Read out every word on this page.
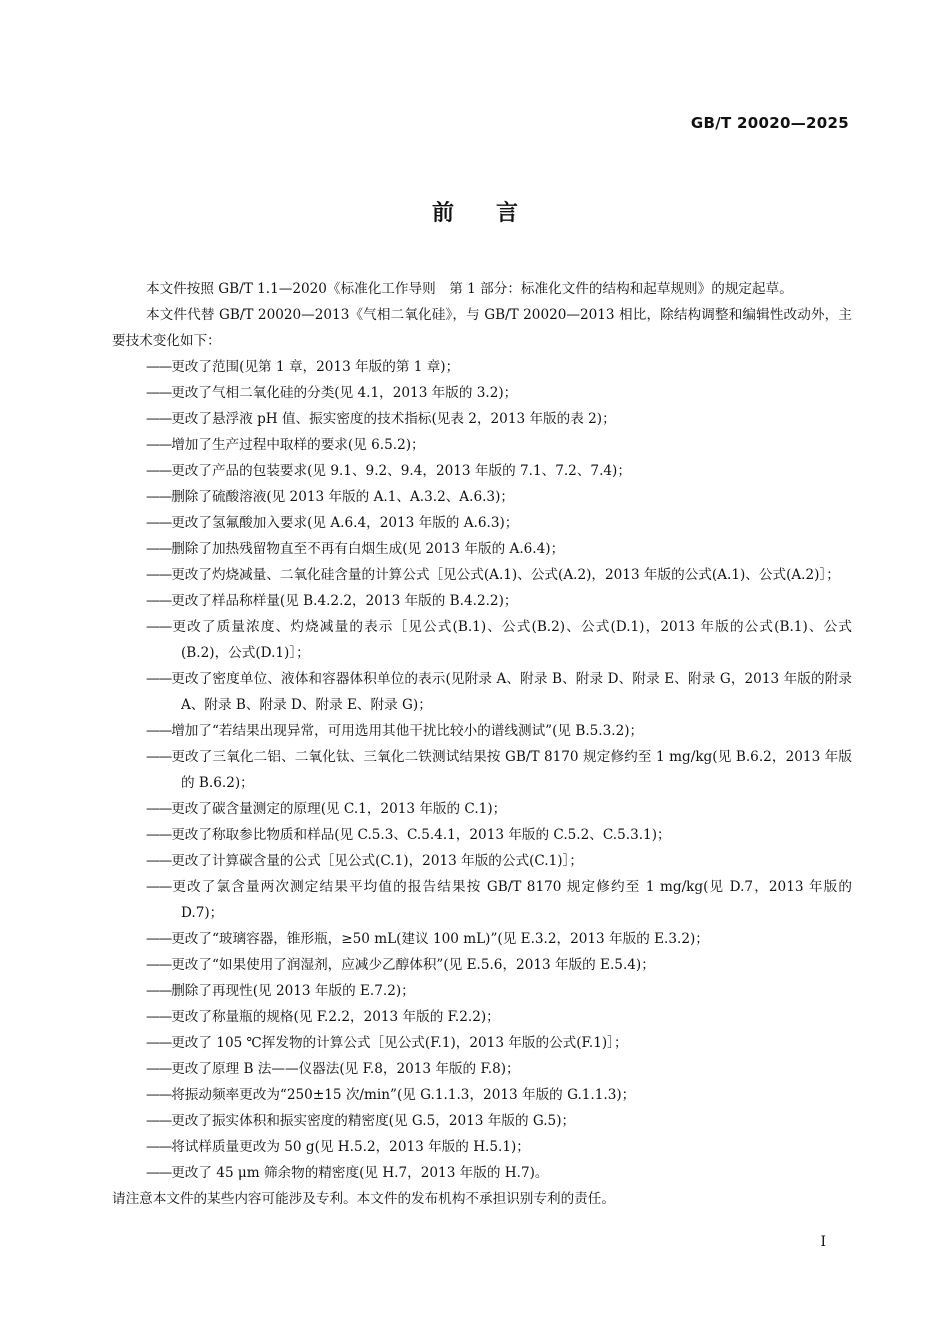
GB/T 20020—2025
前言

本文件按照 GB/T 1.1—2020《标准化工作导则　第 1 部分：标准化文件的结构和起草规则》的规定起草。

本文件代替 GB/T 20020—2013《气相二氧化硅》，与 GB/T 20020—2013 相比，除结构调整和编辑性改动外，主要技术变化如下：

——更改了范围(见第 1 章，2013 年版的第 1 章)；
——更改了气相二氧化硅的分类(见 4.1，2013 年版的 3.2)；
——更改了悬浮液 pH 值、振实密度的技术指标(见表 2，2013 年版的表 2)；
——增加了生产过程中取样的要求(见 6.5.2)；
——更改了产品的包装要求(见 9.1、9.2、9.4，2013 年版的 7.1、7.2、7.4)；
——删除了硫酸溶液(见 2013 年版的 A.1、A.3.2、A.6.3)；
——更改了氢氟酸加入要求(见 A.6.4，2013 年版的 A.6.3)；
——删除了加热残留物直至不再有白烟生成(见 2013 年版的 A.6.4)；
——更改了灼烧减量、二氧化硅含量的计算公式［见公式(A.1)、公式(A.2)，2013 年版的公式(A.1)、公式(A.2)］；
——更改了样品称样量(见 B.4.2.2，2013 年版的 B.4.2.2)；
——更改了质量浓度、灼烧减量的表示［见公式(B.1)、公式(B.2)、公式(D.1)，2013 年版的公式(B.1)、公式(B.2)，公式(D.1)］；
——更改了密度单位、液体和容器体积单位的表示(见附录 A、附录 B、附录 D、附录 E、附录 G，2013 年版的附录 A、附录 B、附录 D、附录 E、附录 G)；
——增加了“若结果出现异常，可用选用其他干扰比较小的谱线测试”(见 B.5.3.2)；
——更改了三氧化二铝、二氧化钛、三氧化二铁测试结果按 GB/T 8170 规定修约至 1 mg/kg(见 B.6.2，2013 年版的 B.6.2)；
——更改了碳含量测定的原理(见 C.1，2013 年版的 C.1)；
——更改了称取参比物质和样品(见 C.5.3、C.5.4.1，2013 年版的 C.5.2、C.5.3.1)；
——更改了计算碳含量的公式［见公式(C.1)，2013 年版的公式(C.1)］；
——更改了氯含量两次测定结果平均值的报告结果按 GB/T 8170 规定修约至 1 mg/kg(见 D.7，2013 年版的 D.7)；
——更改了“玻璃容器，锥形瓶，≥50 mL(建议 100 mL)”(见 E.3.2，2013 年版的 E.3.2)；
——更改了“如果使用了润湿剂，应减少乙醇体积”(见 E.5.6，2013 年版的 E.5.4)；
——删除了再现性(见 2013 年版的 E.7.2)；
——更改了称量瓶的规格(见 F.2.2，2013 年版的 F.2.2)；
——更改了 105 ℃挥发物的计算公式［见公式(F.1)，2013 年版的公式(F.1)］；
——更改了原理 B 法——仪器法(见 F.8，2013 年版的 F.8)；
——将振动频率更改为“250±15 次/min”(见 G.1.1.3，2013 年版的 G.1.1.3)；
——更改了振实体积和振实密度的精密度(见 G.5，2013 年版的 G.5)；
——将试样质量更改为 50 g(见 H.5.2，2013 年版的 H.5.1)；
——更改了 45 μm 筛余物的精密度(见 H.7，2013 年版的 H.7)。

请注意本文件的某些内容可能涉及专利。本文件的发布机构不承担识别专利的责任。

I
